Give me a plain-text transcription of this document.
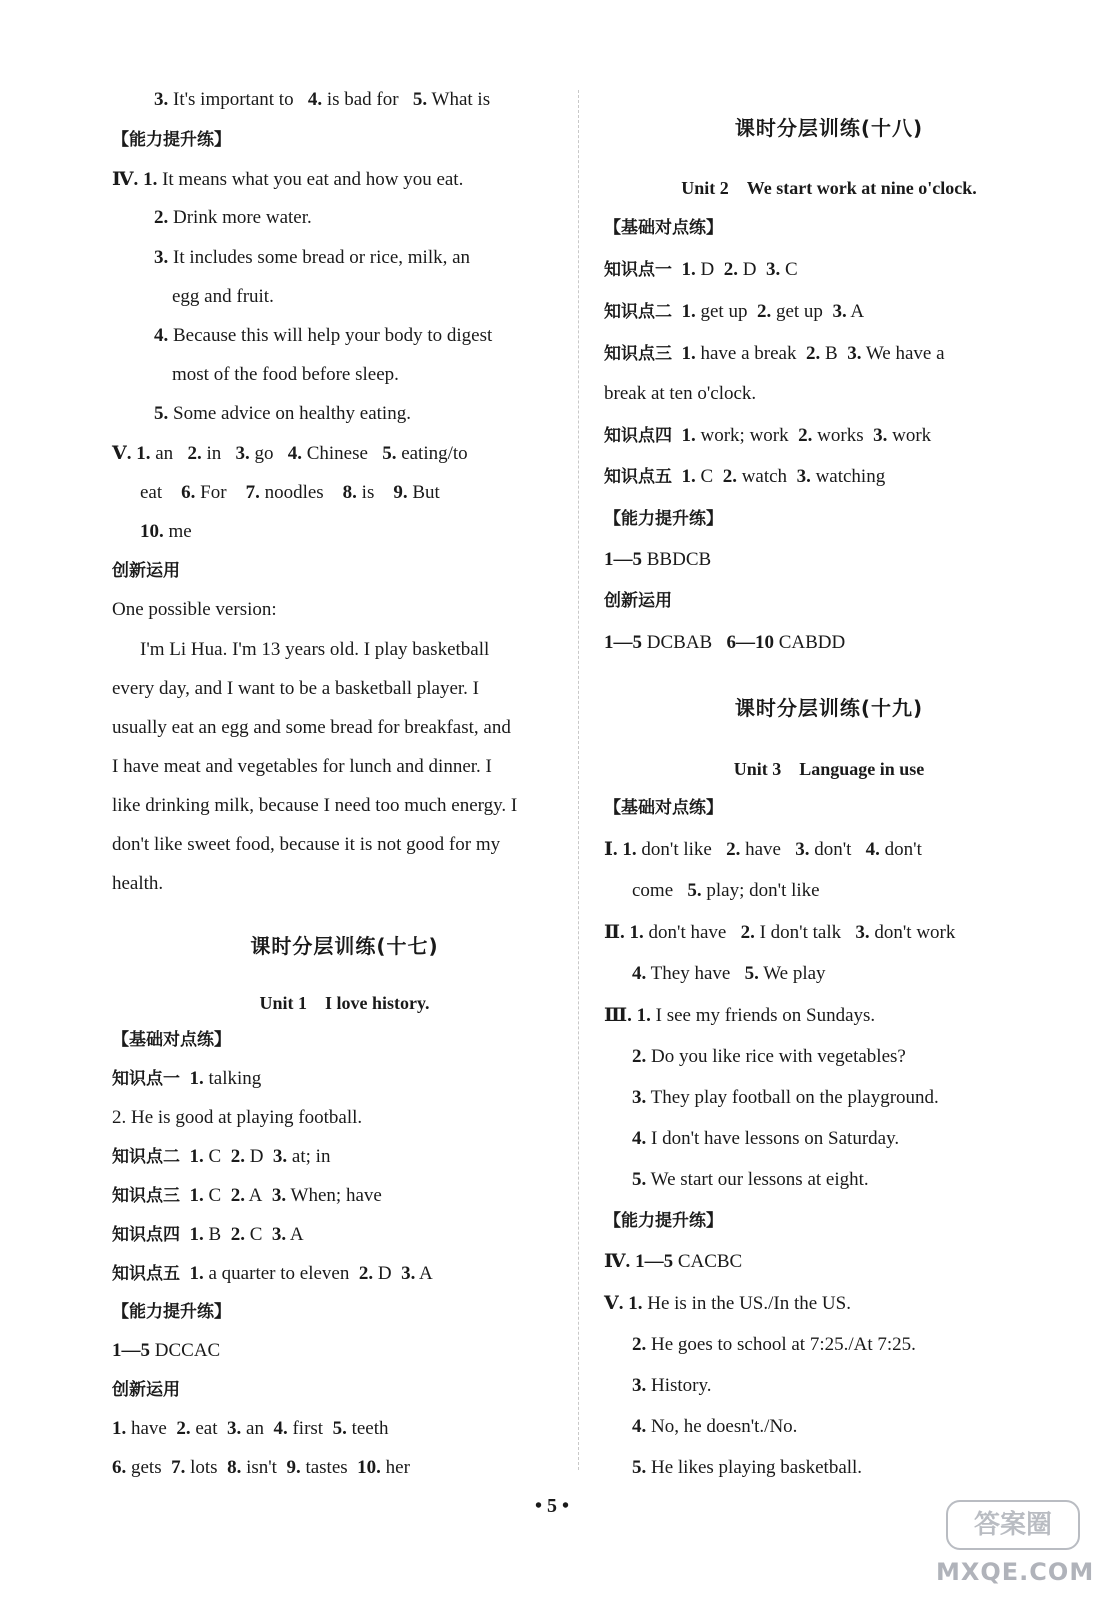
3. It's important to 4. is bad for 5. What is
【能力提升练】
Ⅳ. 1. It means what you eat and how you eat.
2. Drink more water.
3. It includes some bread or rice, milk, an
egg and fruit.
4. Because this will help your body to digest
most of the food before sleep.
5. Some advice on healthy eating.
Ⅴ. 1. an 2. in 3. go 4. Chinese 5. eating/to
eat 6. For 7. noodles 8. is 9. But
10. me
创新运用
One possible version:
I'm Li Hua. I'm 13 years old. I play basketball
every day, and I want to be a basketball player. I
usually eat an egg and some bread for breakfast, and
I have meat and vegetables for lunch and dinner. I
like drinking milk, because I need too much energy. I
don't like sweet food, because it is not good for my
health.
课时分层训练(十七)
Unit 1　I love history.
【基础对点练】
知识点一 1. talking
2. He is good at playing football.
知识点二 1. C 2. D 3. at; in
知识点三 1. C 2. A 3. When; have
知识点四 1. B 2. C 3. A
知识点五 1. a quarter to eleven 2. D 3. A
【能力提升练】
1—5 DCCAC
创新运用
1. have 2. eat 3. an 4. first 5. teeth
6. gets 7. lots 8. isn't 9. tastes 10. her
课时分层训练(十八)
Unit 2　We start work at nine o'clock.
【基础对点练】
知识点一 1. D 2. D 3. C
知识点二 1. get up 2. get up 3. A
知识点三 1. have a break 2. B 3. We have a
break at ten o'clock.
知识点四 1. work; work 2. works 3. work
知识点五 1. C 2. watch 3. watching
【能力提升练】
1—5 BBDCB
创新运用
1—5 DCBAB 6—10 CABDD
课时分层训练(十九)
Unit 3　Language in use
【基础对点练】
Ⅰ. 1. don't like 2. have 3. don't 4. don't
come 5. play; don't like
Ⅱ. 1. don't have 2. I don't talk 3. don't work
4. They have 5. We play
Ⅲ. 1. I see my friends on Sundays.
2. Do you like rice with vegetables?
3. They play football on the playground.
4. I don't have lessons on Saturday.
5. We start our lessons at eight.
【能力提升练】
Ⅳ. 1—5 CACBC
Ⅴ. 1. He is in the US./In the US.
2. He goes to school at 7:25./At 7:25.
3. History.
4. No, he doesn't./No.
5. He likes playing basketball.
• 5 •
答案圈
MXQE.COM
